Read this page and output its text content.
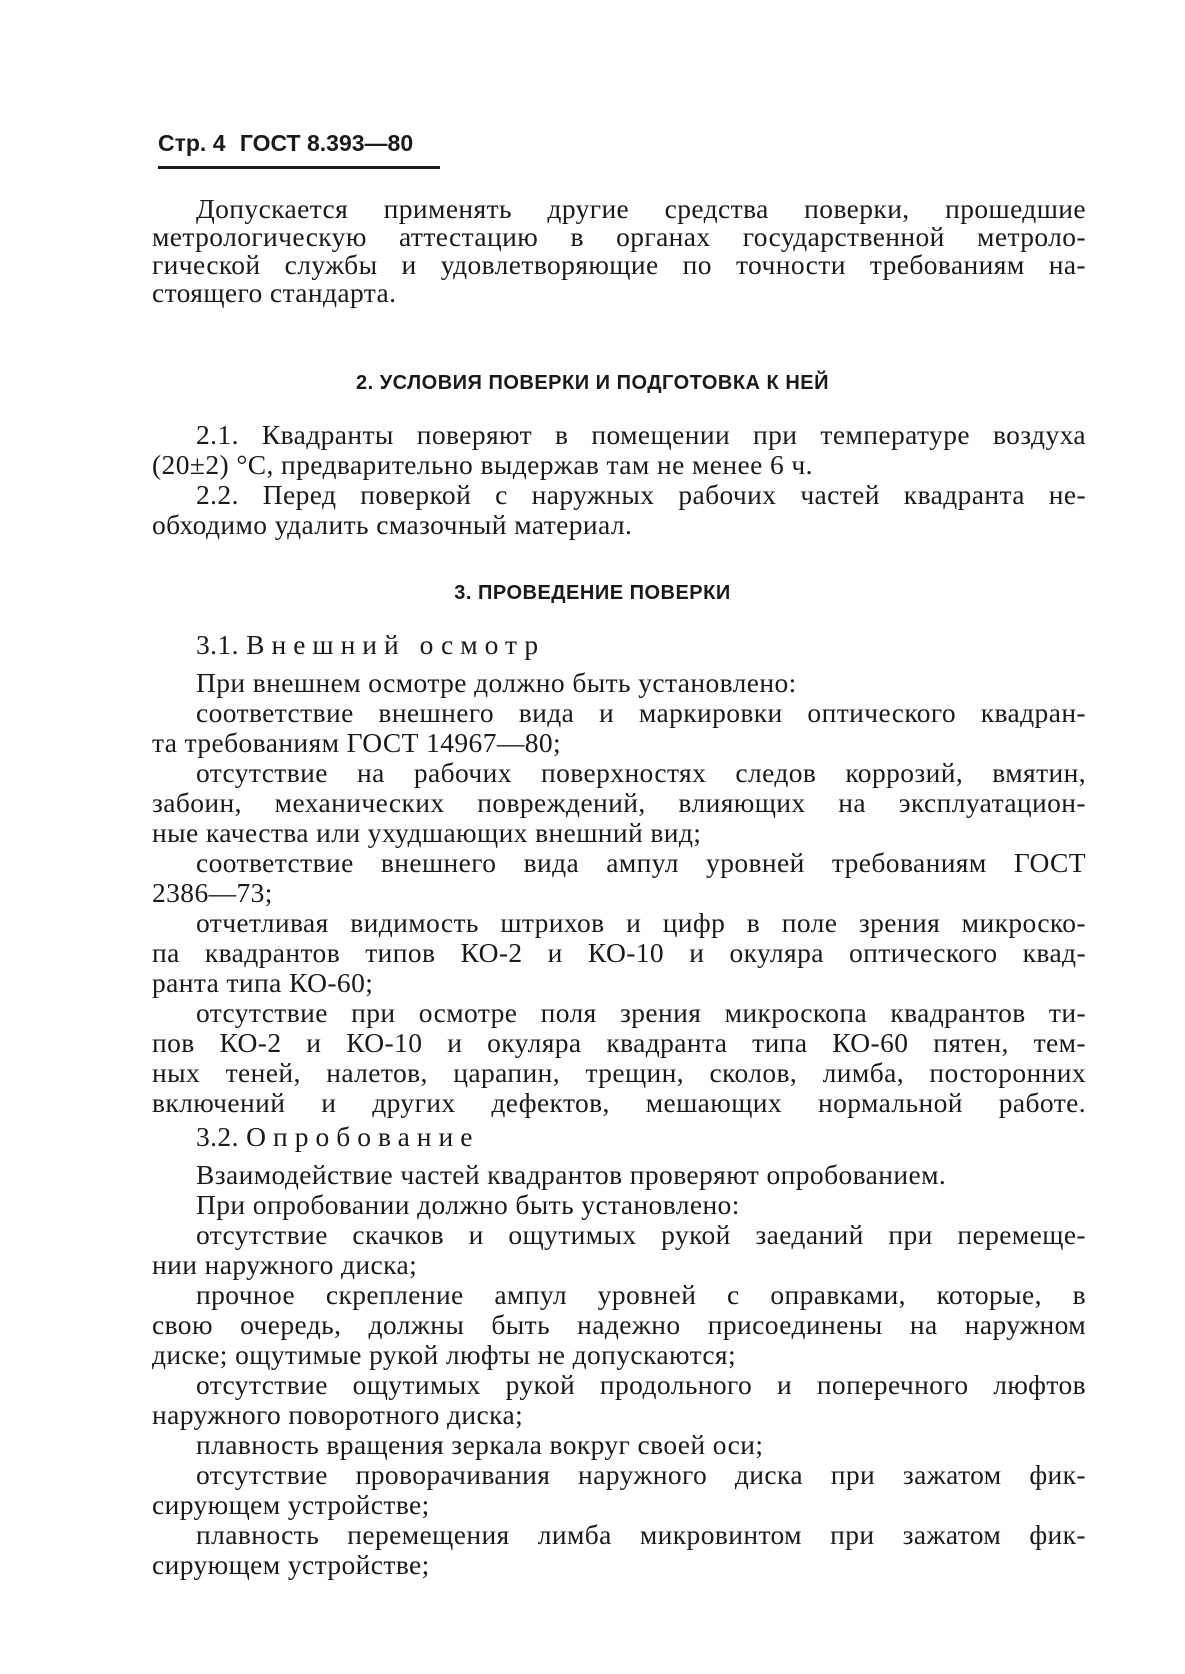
Стр. 4 ГОСТ 8.393—80
Допускается применять другие средства поверки, прошедшие
метрологическую аттестацию в органах государственной метроло-
гической службы и удовлетворяющие по точности требованиям на-
стоящего стандарта.
2. УСЛОВИЯ ПОВЕРКИ И ПОДГОТОВКА К НЕЙ
2.1. Квадранты поверяют в помещении при температуре воздуха
(20±2) °С, предварительно выдержав там не менее 6 ч.
2.2. Перед поверкой с наружных рабочих частей квадранта не-
обходимо удалить смазочный материал.
3. ПРОВЕДЕНИЕ ПОВЕРКИ
3.1. Внешний осмотр
При внешнем осмотре должно быть установлено:
соответствие внешнего вида и маркировки оптического квадран-
та требованиям ГОСТ 14967—80;
отсутствие на рабочих поверхностях следов коррозий, вмятин,
забоин, механических повреждений, влияющих на эксплуатацион-
ные качества или ухудшающих внешний вид;
соответствие внешнего вида ампул уровней требованиям ГОСТ
2386—73;
отчетливая видимость штрихов и цифр в поле зрения микроско-
па квадрантов типов КО-2 и КО-10 и окуляра оптического квад-
ранта типа КО-60;
отсутствие при осмотре поля зрения микроскопа квадрантов ти-
пов КО-2 и КО-10 и окуляра квадранта типа КО-60 пятен, тем-
ных теней, налетов, царапин, трещин, сколов, лимба, посторонних
включений и других дефектов, мешающих нормальной работе.
3.2. Опробование
Взаимодействие частей квадрантов проверяют опробованием.
При опробовании должно быть установлено:
отсутствие скачков и ощутимых рукой заеданий при перемеще-
нии наружного диска;
прочное скрепление ампул уровней с оправками, которые, в
свою очередь, должны быть надежно присоединены на наружном
диске; ощутимые рукой люфты не допускаются;
отсутствие ощутимых рукой продольного и поперечного люфтов
наружного поворотного диска;
плавность вращения зеркала вокруг своей оси;
отсутствие проворачивания наружного диска при зажатом фик-
сирующем устройстве;
плавность перемещения лимба микровинтом при зажатом фик-
сирующем устройстве;
